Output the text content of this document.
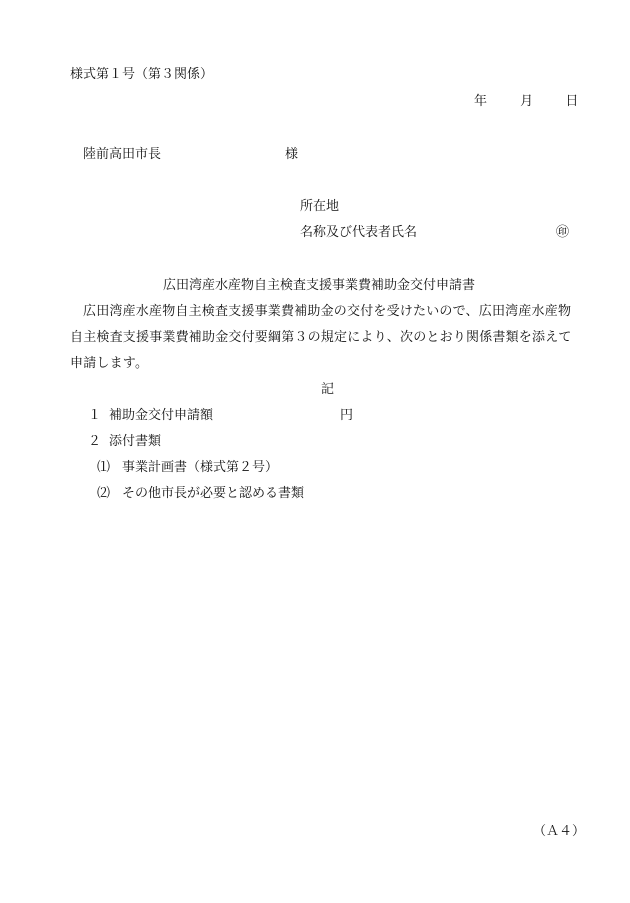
様式第１号（第３関係）
年	月 日
陸前高田市長	様
所在地
名称及び代表者氏名	㊞
広田湾産水産物自主検査支援事業費補助金交付申請書
広田湾産水産物自主検査支援事業費補助金の交付を受けたいので、広田湾産水産物
自主検査支援事業費補助金交付要綱第３の規定により、次のとおり関係書類を添えて
申請します。
記
１ 補助金交付申請額	円
２ 添付書類
⑴ 事業計画書（様式第２号）
⑵ その他市長が必要と認める書類
（Ａ４）
